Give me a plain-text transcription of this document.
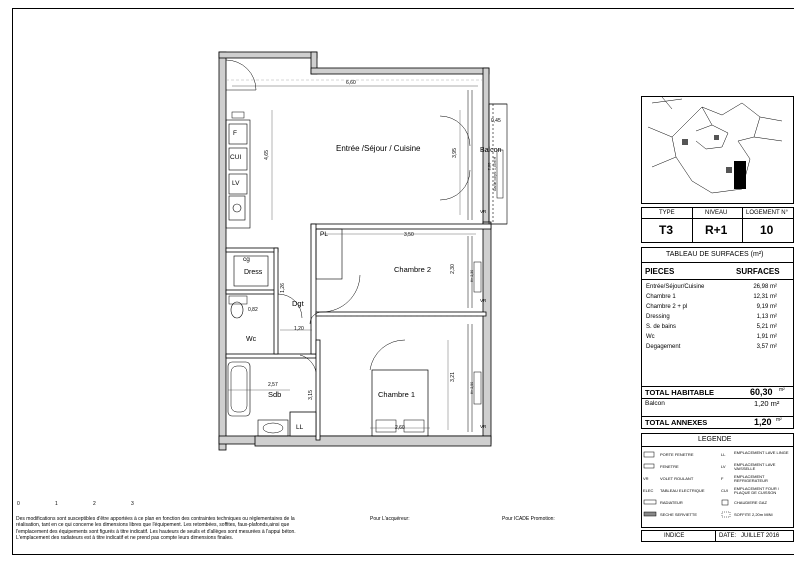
Entrée /Séjour / Cuisine	Balcon
Chambre 2
Chambre 1
Dgt
Dress
cg
Wc
Sdb
PL
LL
F
CUI
LV
6,60
4,65	3,95
0,45
3,50
1,20
3,21
2,57
2,60
3,15
1,26
2,30
0,82
2,80
VR
VR
VR
H= 2,30
H= 2,50
Garde corps: 1,00m H
0	1	2	3
Des modifications sont susceptibles d'être apportées à ce plan en fonction des contraintes techniques ou réglementaires de la
réalisation, tant en ce qui concerne les dimensions libres que l'équipement. Les retombées, soffites, faux-plafonds,ainsi que
l'emplacement des équipements sont figurés à titre indicatif. Les hauteurs de seuils et d'allèges sont mesurées à l'appui béton.
L'emplacement des radiateurs est à titre indicatif et ne prend pas compte leurs dimensions finales.
Pour L'acquéreur:	Pour ICADE Promotion:
TYPE	NIVEAU	LOGEMENT N°
T3	R+1	10
TABLEAU DE SURFACES (m²)
PIECES	SURFACES
Entrée/Séjour/Cuisine	26,98 m²
Chambre 1	12,31 m²
Chambre 2 + pl	9,19 m²
Dressing	1,13 m²
S. de bains	5,21 m²
Wc	1,91 m²
Degagement	3,57 m²
TOTAL HABITABLE	60,30 m²
Balcon	1,20 m²
TOTAL ANNEXES	1,20 m²
LEGENDE
PORTE FENETRE
FENETRE
VR	VOLET ROULANT
ELEC TABLEAU ELECTRIQUE
RADIATEUR
SECHE SERVIETTE
LL EMPLACEMENT LAVE LINGE
LV EMPLACEMENT LAVE VAISSELLE
F	EMPLACEMENT REFRIGERATEUR
CUI EMPLACEMENT FOUR / PLAQUE DE CUISSON
CHAUDIERE GAZ
SOFFITE 2,20m MINI
INDICE	DATE: JUILLET 2016
